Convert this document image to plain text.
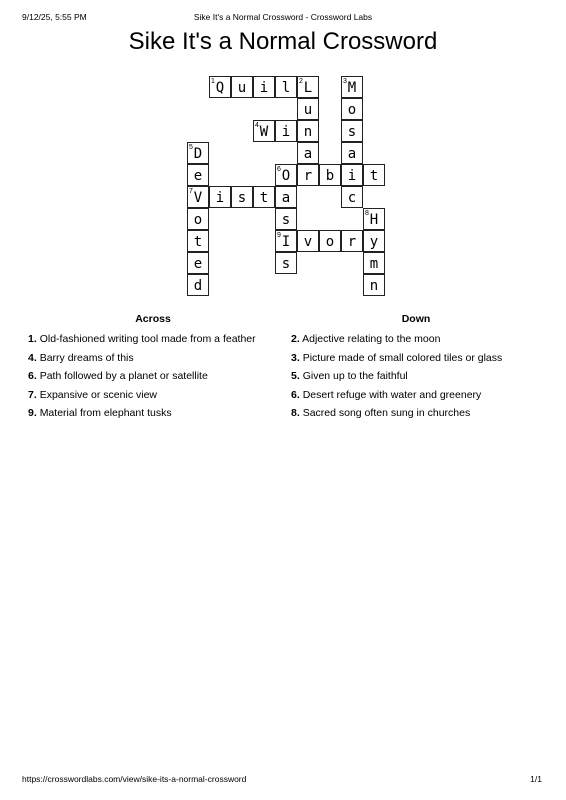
9/12/25, 5:55 PM	Sike It's a Normal Crossword - Crossword Labs
Sike It's a Normal Crossword
1 Q u i l	2 L	3 M
u	o
4 W i n	s
5 D	a	a
e	6 O r b i t
7 V i s t a	c
o	s	8 H
t	9 I v o r y
e	s	m
d	n
Across
1. Old-fashioned writing tool made from a feather
4. Barry dreams of this
6. Path followed by a planet or satellite
7. Expansive or scenic view
9. Material from elephant tusks
Down
2. Adjective relating to the moon
3. Picture made of small colored tiles or glass
5. Given up to the faithful
6. Desert refuge with water and greenery
8. Sacred song often sung in churches
https://crosswordlabs.com/view/sike-its-a-normal-crossword	1/1
